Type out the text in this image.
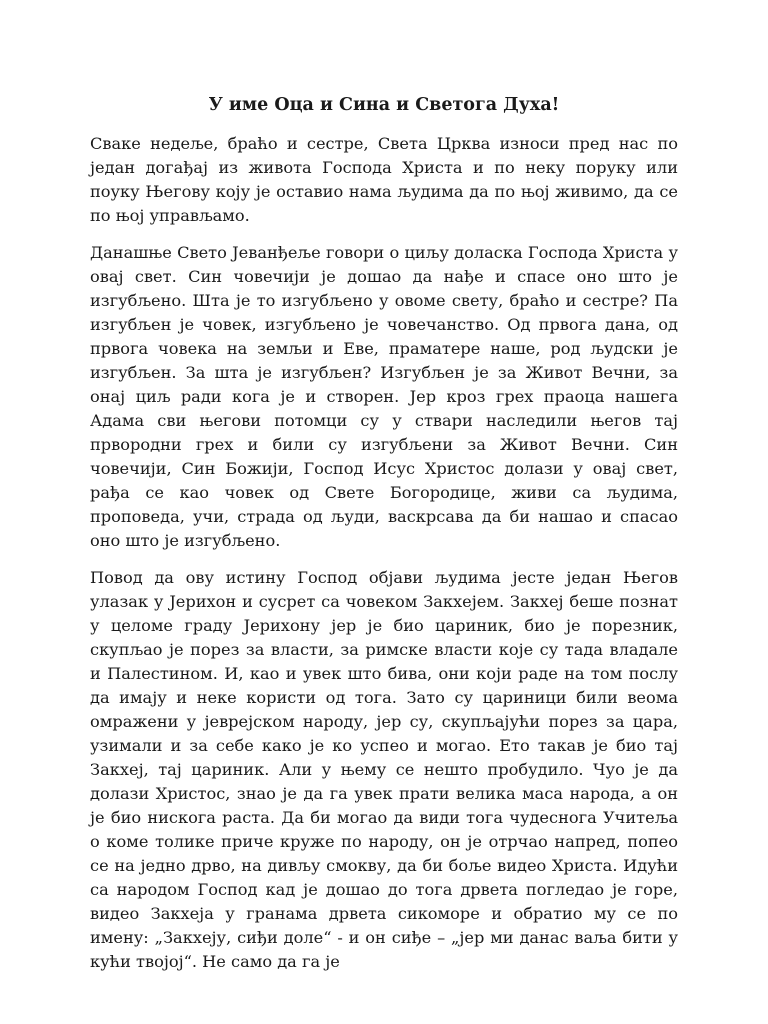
У име Оца и Сина и Светога Духа!

Сваке недеље, браћо и сестре, Света Црква износи пред нас по један догађај из живота Господа Христа и по неку поруку или поуку Његову коју је оставио нама људима да по њој живимо, да се по њој управљамо.

Данашње Свето Јеванђеље говори о циљу доласка Господа Христа у овај свет. Син човечији је дошао да нађе и спасе оно што је изгубљено. Шта је то изгубљено у овоме свету, браћо и сестре? Па изгубљен је човек, изгубљено је човечанство. Од првога дана, од првога човека на земљи и Еве, праматере наше, род људски је изгубљен. За шта је изгубљен? Изгубљен је за Живот Вечни, за онај циљ ради кога је и створен. Јер кроз грех праоца нашега Адама сви његови потомци су у ствари наследили његов тај прворoдни грех и били су изгубљени за Живот Вечни. Син човечији, Син Божији, Господ Исус Христос долази у овај свет, рађа се као човек од Свете Богородице, живи са људима, проповеда, учи, страда од људи, васкрсава да би нашао и спасао оно што је изгубљено.

Повод да ову истину Господ објави људима јесте један Његов улазак у Јерихон и сусрет са човеком Закхејем. Закхеј беше познат у целоме граду Јерихону јер је био цариник, био је порезник, скупљао је порез за власти, за римске власти које су тада владале и Палестином. И, као и увек што бива, они који раде на том послу да имају и неке користи од тога. Зато су цариници били веома омражени у јеврејском народу, јер су, скупљајући порез за цара, узимали и за себе како је ко успео и могао. Ето такав је био тај Закхеј, тај цариник. Али у њему се нешто пробудило. Чуо је да долази Христос, знао је да га увек прати велика маса народа, а он је био нискога раста. Да би могао да види тога чудеснога Учитеља о коме толике приче круже по народу, он је отрчао напред, попео се на једно дрво, на дивљу смокву, да би боље видео Христа. Идући са народом Господ кад је дошао до тога дрвета погледао је горе, видео Закхеја у гранама дрвета сикоморе и обратио му се по имену: „Закхеју, сиђи доле“ - и он сиђе – „јер ми данас ваља бити у кући твојој“. Не само да га је
